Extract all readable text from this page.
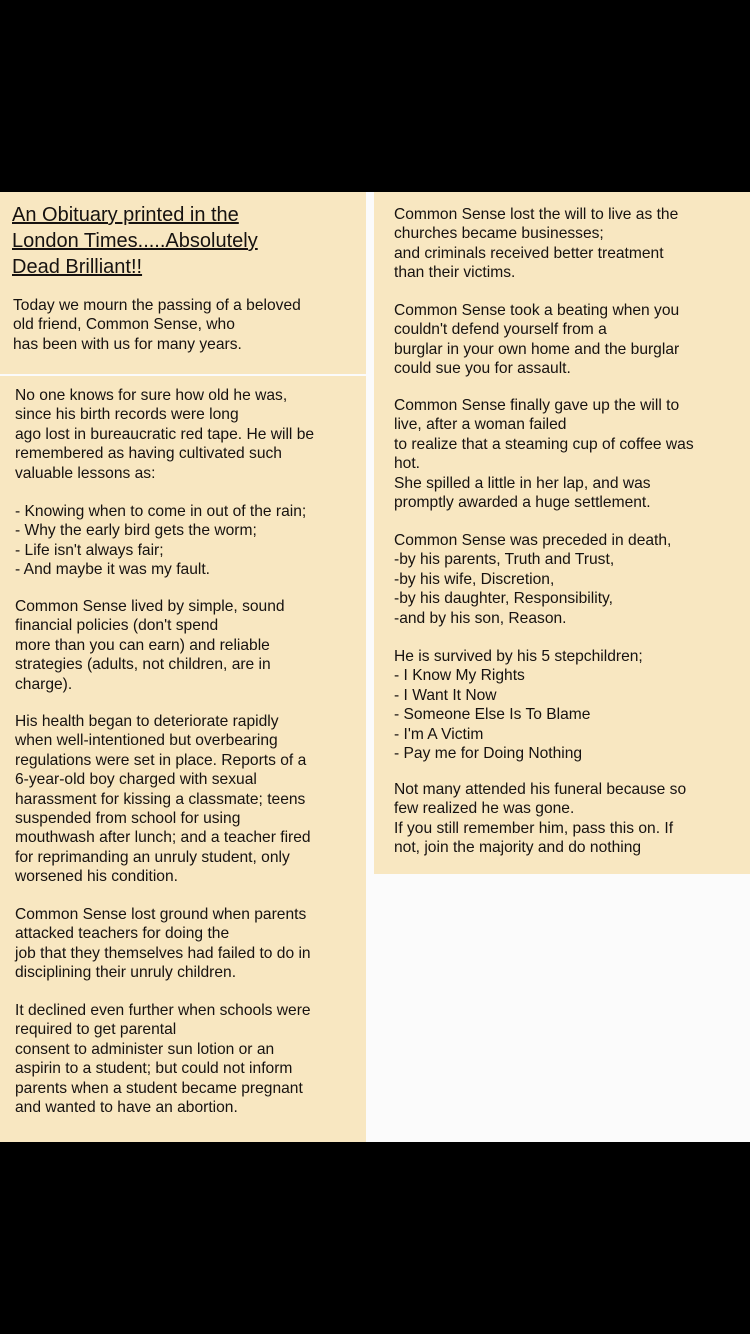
An Obituary printed in the
London Times.....Absolutely
Dead Brilliant!!
Today we mourn the passing of a beloved
old friend, Common Sense, who
has been with us for many years.
No one knows for sure how old he was,
since his birth records were long
ago lost in bureaucratic red tape. He will be
remembered as having cultivated such
valuable lessons as:
- Knowing when to come in out of the rain;
- Why the early bird gets the worm;
- Life isn't always fair;
- And maybe it was my fault.
Common Sense lived by simple, sound
financial policies (don't spend
more than you can earn) and reliable
strategies (adults, not children, are in
charge).
His health began to deteriorate rapidly
when well-intentioned but overbearing
regulations were set in place. Reports of a
6-year-old boy charged with sexual
harassment for kissing a classmate; teens
suspended from school for using
mouthwash after lunch; and a teacher fired
for reprimanding an unruly student, only
worsened his condition.
Common Sense lost ground when parents
attacked teachers for doing the
job that they themselves had failed to do in
disciplining their unruly children.
It declined even further when schools were
required to get parental
consent to administer sun lotion or an
aspirin to a student; but could not inform
parents when a student became pregnant
and wanted to have an abortion.
Common Sense lost the will to live as the
churches became businesses;
and criminals received better treatment
than their victims.
Common Sense took a beating when you
couldn't defend yourself from a
burglar in your own home and the burglar
could sue you for assault.
Common Sense finally gave up the will to
live, after a woman failed
to realize that a steaming cup of coffee was
hot.
She spilled a little in her lap, and was
promptly awarded a huge settlement.
Common Sense was preceded in death,
-by his parents, Truth and Trust,
-by his wife, Discretion,
-by his daughter, Responsibility,
-and by his son, Reason.
He is survived by his 5 stepchildren;
- I Know My Rights
- I Want It Now
- Someone Else Is To Blame
- I'm A Victim
- Pay me for Doing Nothing
Not many attended his funeral because so
few realized he was gone.
If you still remember him, pass this on. If
not, join the majority and do nothing
